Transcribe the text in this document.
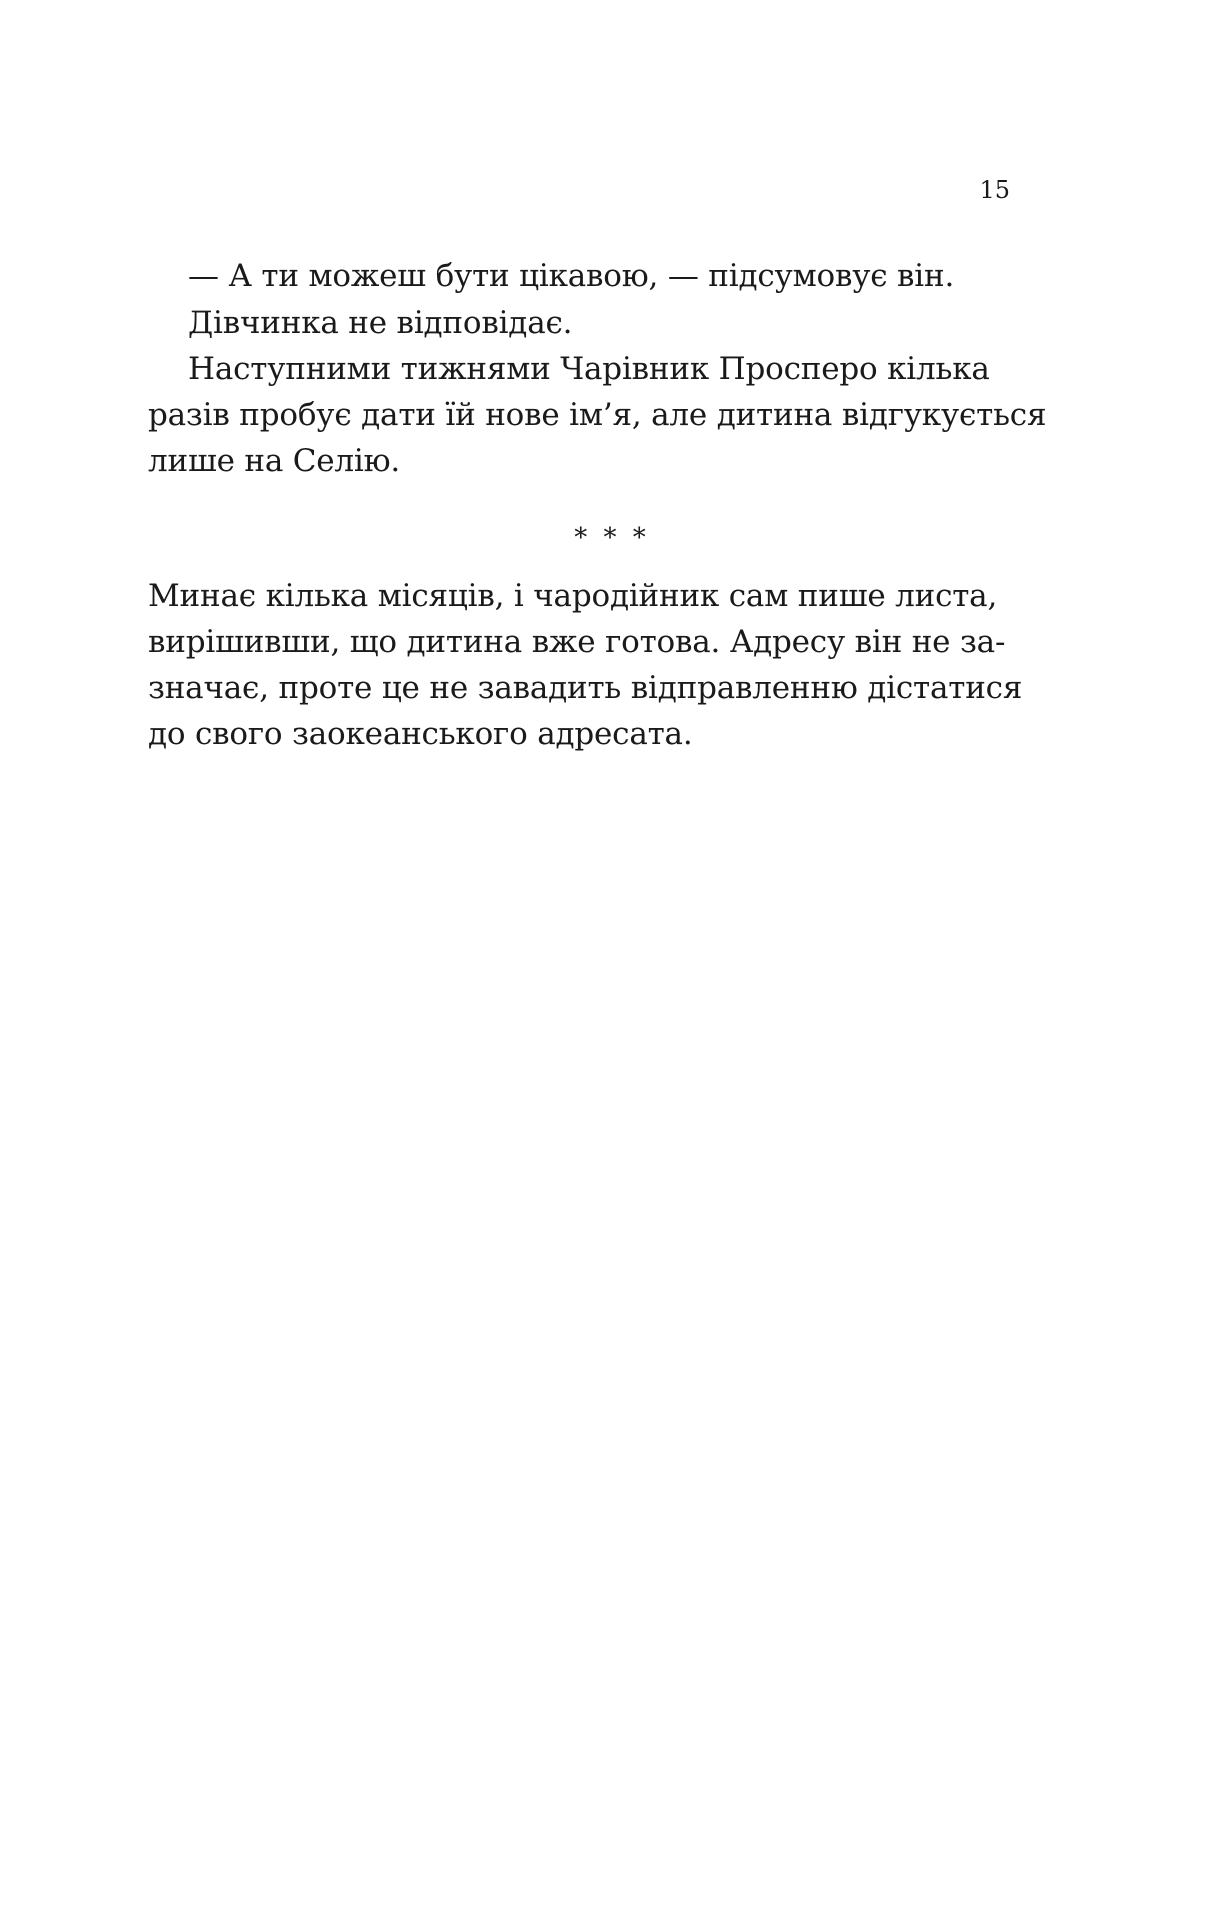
15
— А ти можеш бути цікавою, — підсумовує він.
Дівчинка не відповідає.
Наступними тижнями Чарівник Просперо кілька
разів пробує дати їй нове ім’я, але дитина відгукується
лише на Селію.
* * *
Минає кілька місяців, і чародійник сам пише листа,
вирішивши, що дитина вже готова. Адресу він не за-
значає, проте це не завадить відправленню дістатися
до свого заокеанського адресата.
